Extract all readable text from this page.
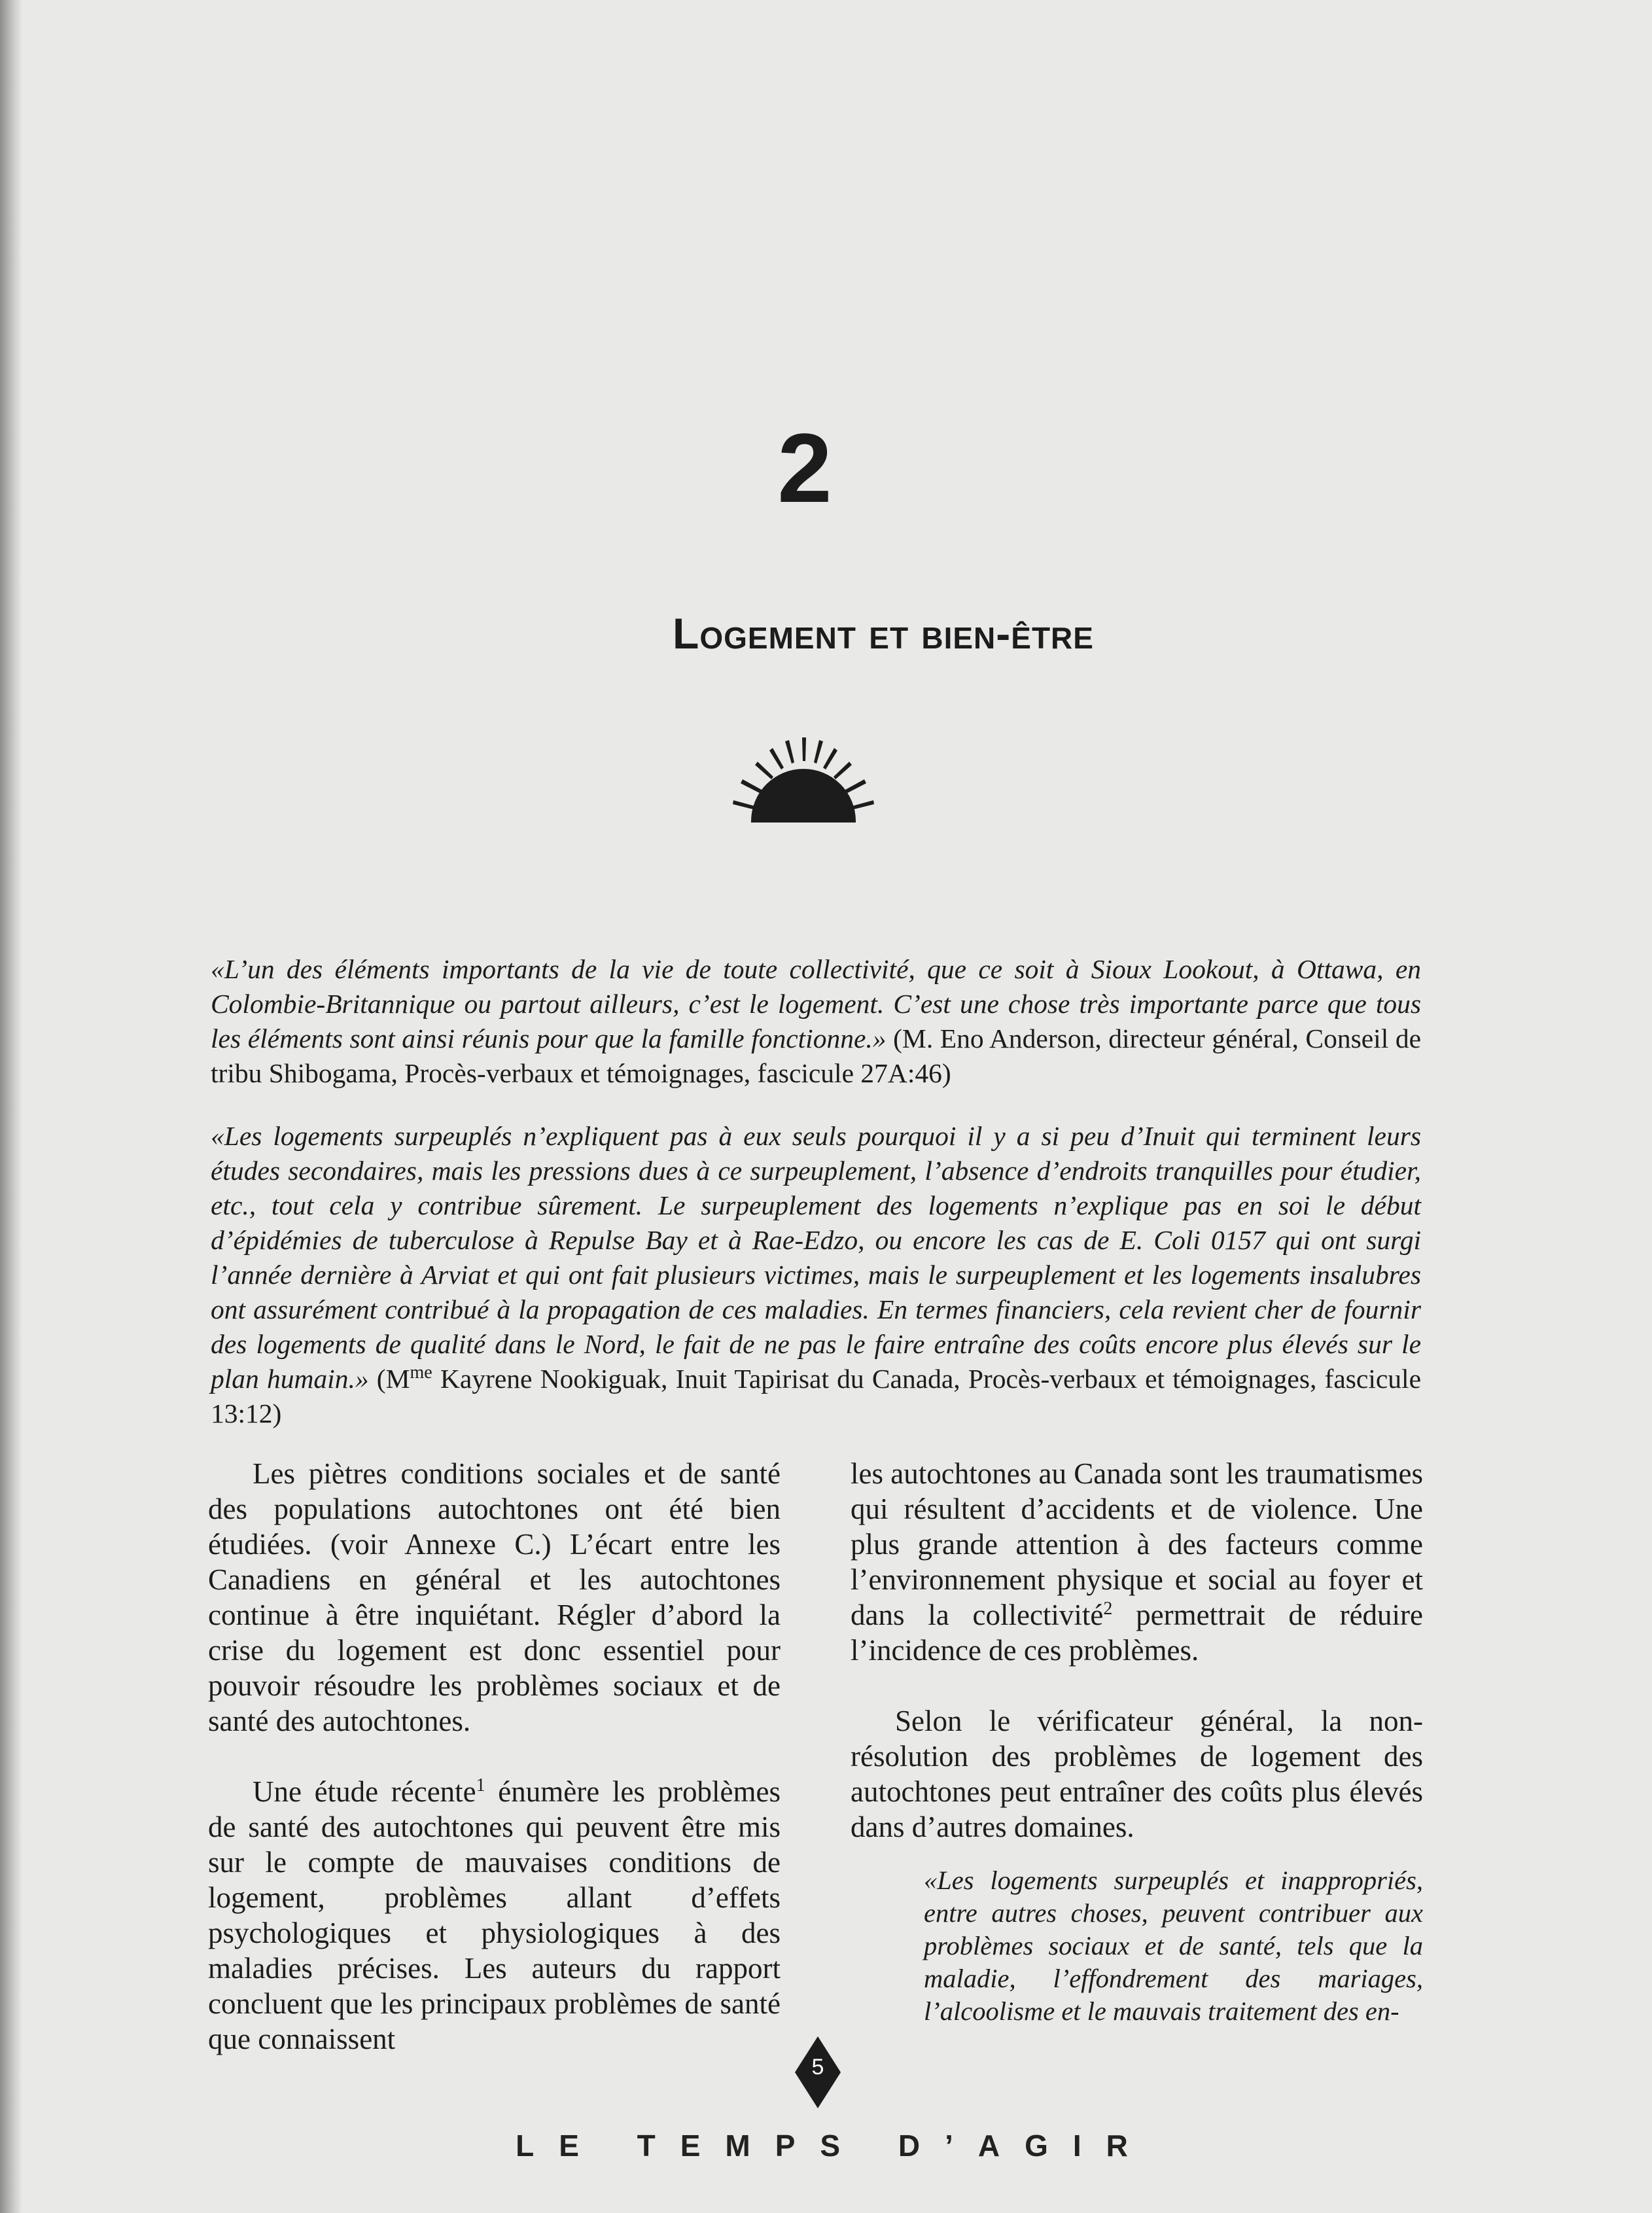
2
Logement et bien-être
«L’un des éléments importants de la vie de toute collectivité, que ce soit à Sioux Lookout, à Ottawa, en Colombie-Britannique ou partout ailleurs, c’est le logement. C’est une chose très importante parce que tous les éléments sont ainsi réunis pour que la famille fonctionne.» (M. Eno Anderson, directeur général, Conseil de tribu Shibogama, Procès-verbaux et témoignages, fascicule 27A:46)
«Les logements surpeuplés n’expliquent pas à eux seuls pourquoi il y a si peu d’Inuit qui terminent leurs études secondaires, mais les pressions dues à ce surpeuplement, l’absence d’endroits tranquilles pour étudier, etc., tout cela y contribue sûrement. Le surpeuplement des logements n’explique pas en soi le début d’épidémies de tuberculose à Repulse Bay et à Rae-Edzo, ou encore les cas de E. Coli 0157 qui ont surgi l’année dernière à Arviat et qui ont fait plusieurs victimes, mais le surpeuplement et les logements insalubres ont assurément contribué à la propagation de ces maladies. En termes financiers, cela revient cher de fournir des logements de qualité dans le Nord, le fait de ne pas le faire entraîne des coûts encore plus élevés sur le plan humain.» ($M^{me}$ Kayrene Nookiguak, Inuit Tapirisat du Canada, Procès-verbaux et témoignages, fascicule 13:12)

Les piètres conditions sociales et de santé des populations autochtones ont été bien étudiées. (voir Annexe C.) L’écart entre les Canadiens en général et les autochtones continue à être inquiétant. Régler d’abord la crise du logement est donc essentiel pour pouvoir résoudre les problèmes sociaux et de santé des autochtones.

Une étude récente$^1$ énumère les problèmes de santé des autochtones qui peuvent être mis sur le compte de mauvaises conditions de logement, problèmes allant d’effets psychologiques et physiologiques à des maladies précises. Les auteurs du rapport concluent que les principaux problèmes de santé que connaissent

les autochtones au Canada sont les traumatismes qui résultent d’accidents et de violence. Une plus grande attention à des facteurs comme l’environnement physique et social au foyer et dans la collectivité$^2$ permettrait de réduire l’incidence de ces problèmes.

Selon le vérificateur général, la non-résolution des problèmes de logement des autochtones peut entraîner des coûts plus élevés dans d’autres domaines.

«Les logements surpeuplés et inappropriés, entre autres choses, peuvent contribuer aux problèmes sociaux et de santé, tels que la maladie, l’effondrement des mariages, l’alcoolisme et le mauvais traitement des en-
5
LE TEMPS D’AGIR
